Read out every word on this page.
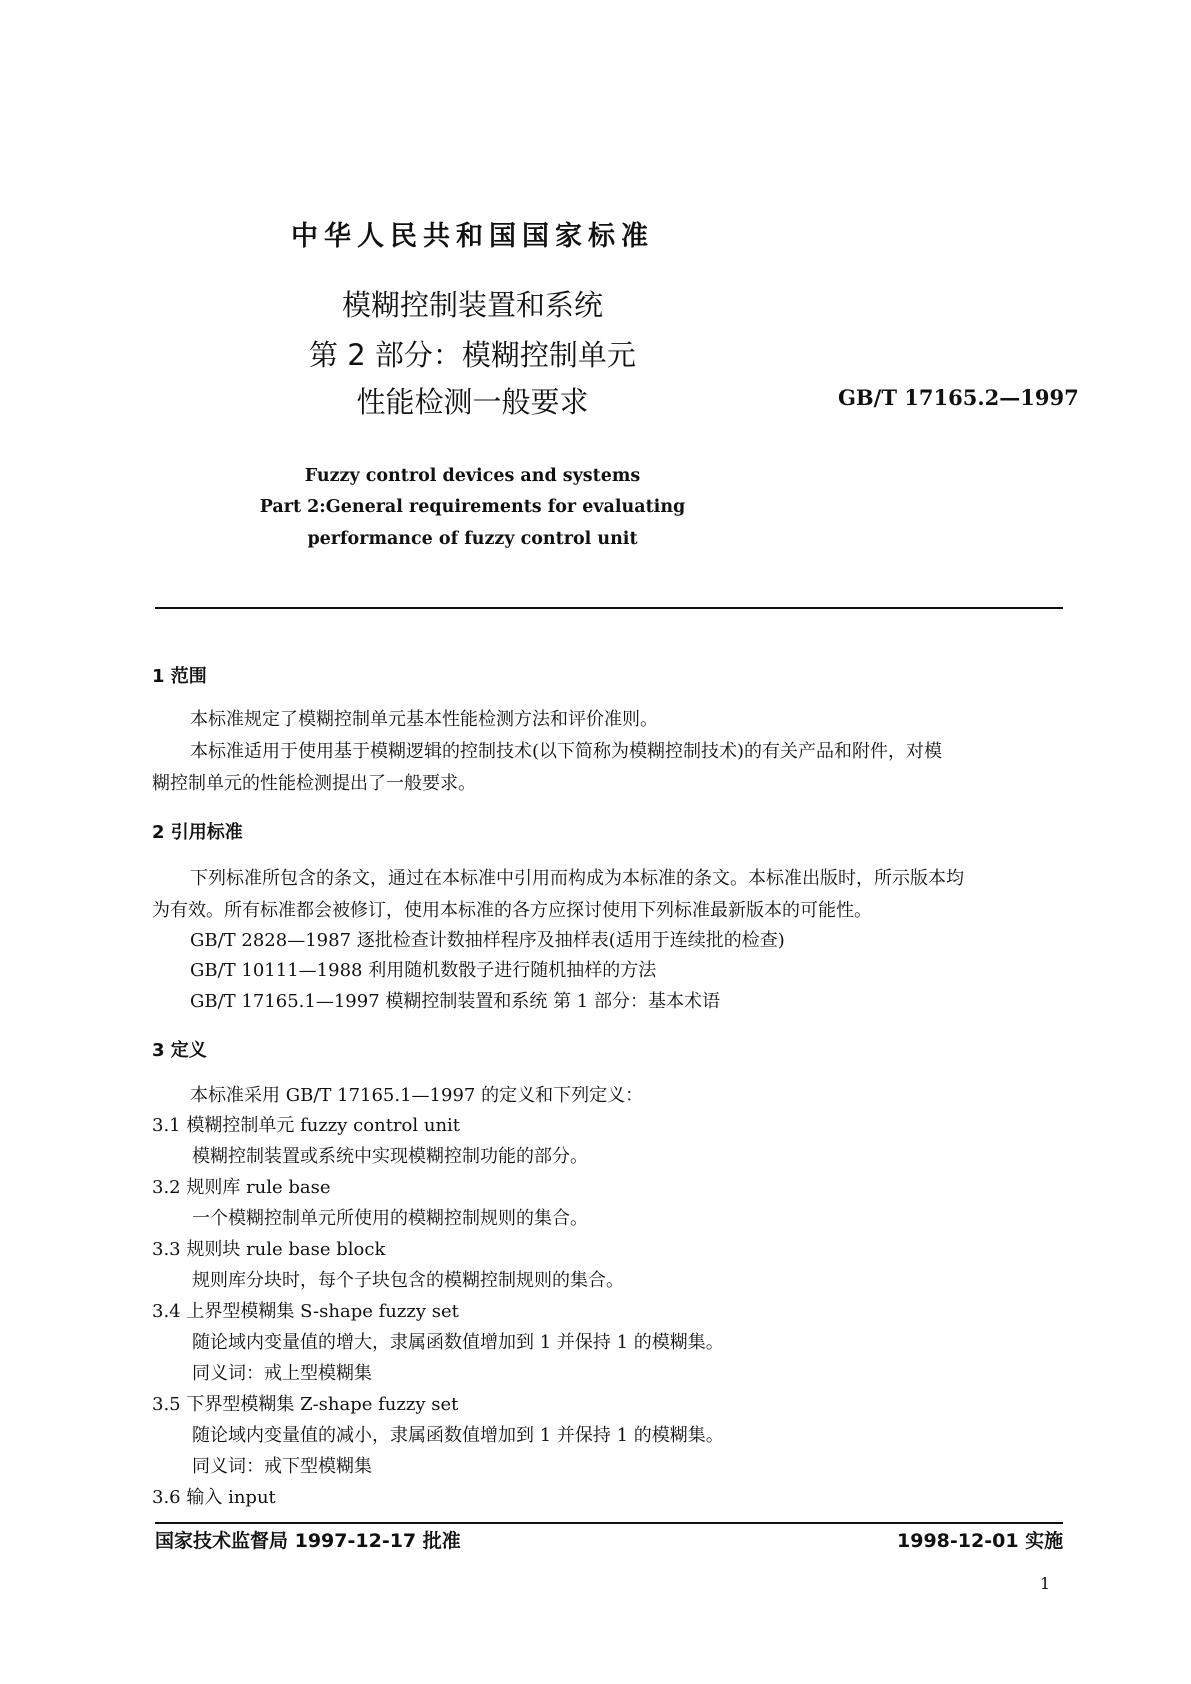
中华人民共和国国家标准
模糊控制装置和系统
第 2 部分：模糊控制单元
性能检测一般要求	GB/T 17165.2—1997
Fuzzy control devices and systems
Part 2:General requirements for evaluating
performance of fuzzy control unit
1 范围
本标准规定了模糊控制单元基本性能检测方法和评价准则。
本标准适用于使用基于模糊逻辑的控制技术(以下简称为模糊控制技术)的有关产品和附件，对模
糊控制单元的性能检测提出了一般要求。
2 引用标准
下列标准所包含的条文，通过在本标准中引用而构成为本标准的条文。本标准出版时，所示版本均
为有效。所有标准都会被修订，使用本标准的各方应探讨使用下列标准最新版本的可能性。
GB/T 2828—1987 逐批检查计数抽样程序及抽样表(适用于连续批的检查)
GB/T 10111—1988 利用随机数骰子进行随机抽样的方法
GB/T 17165.1—1997 模糊控制装置和系统 第 1 部分：基本术语
3 定义
本标准采用 GB/T 17165.1—1997 的定义和下列定义：
3.1 模糊控制单元 fuzzy control unit
模糊控制装置或系统中实现模糊控制功能的部分。
3.2 规则库 rule base
一个模糊控制单元所使用的模糊控制规则的集合。
3.3 规则块 rule base block
规则库分块时，每个子块包含的模糊控制规则的集合。
3.4 上界型模糊集 S-shape fuzzy set
随论域内变量值的增大，隶属函数值增加到 1 并保持 1 的模糊集。
同义词：戒上型模糊集
3.5 下界型模糊集 Z-shape fuzzy set
随论域内变量值的减小，隶属函数值增加到 1 并保持 1 的模糊集。
同义词：戒下型模糊集
3.6 输入 input
国家技术监督局 1997-12-17 批准	1998-12-01 实施
1
